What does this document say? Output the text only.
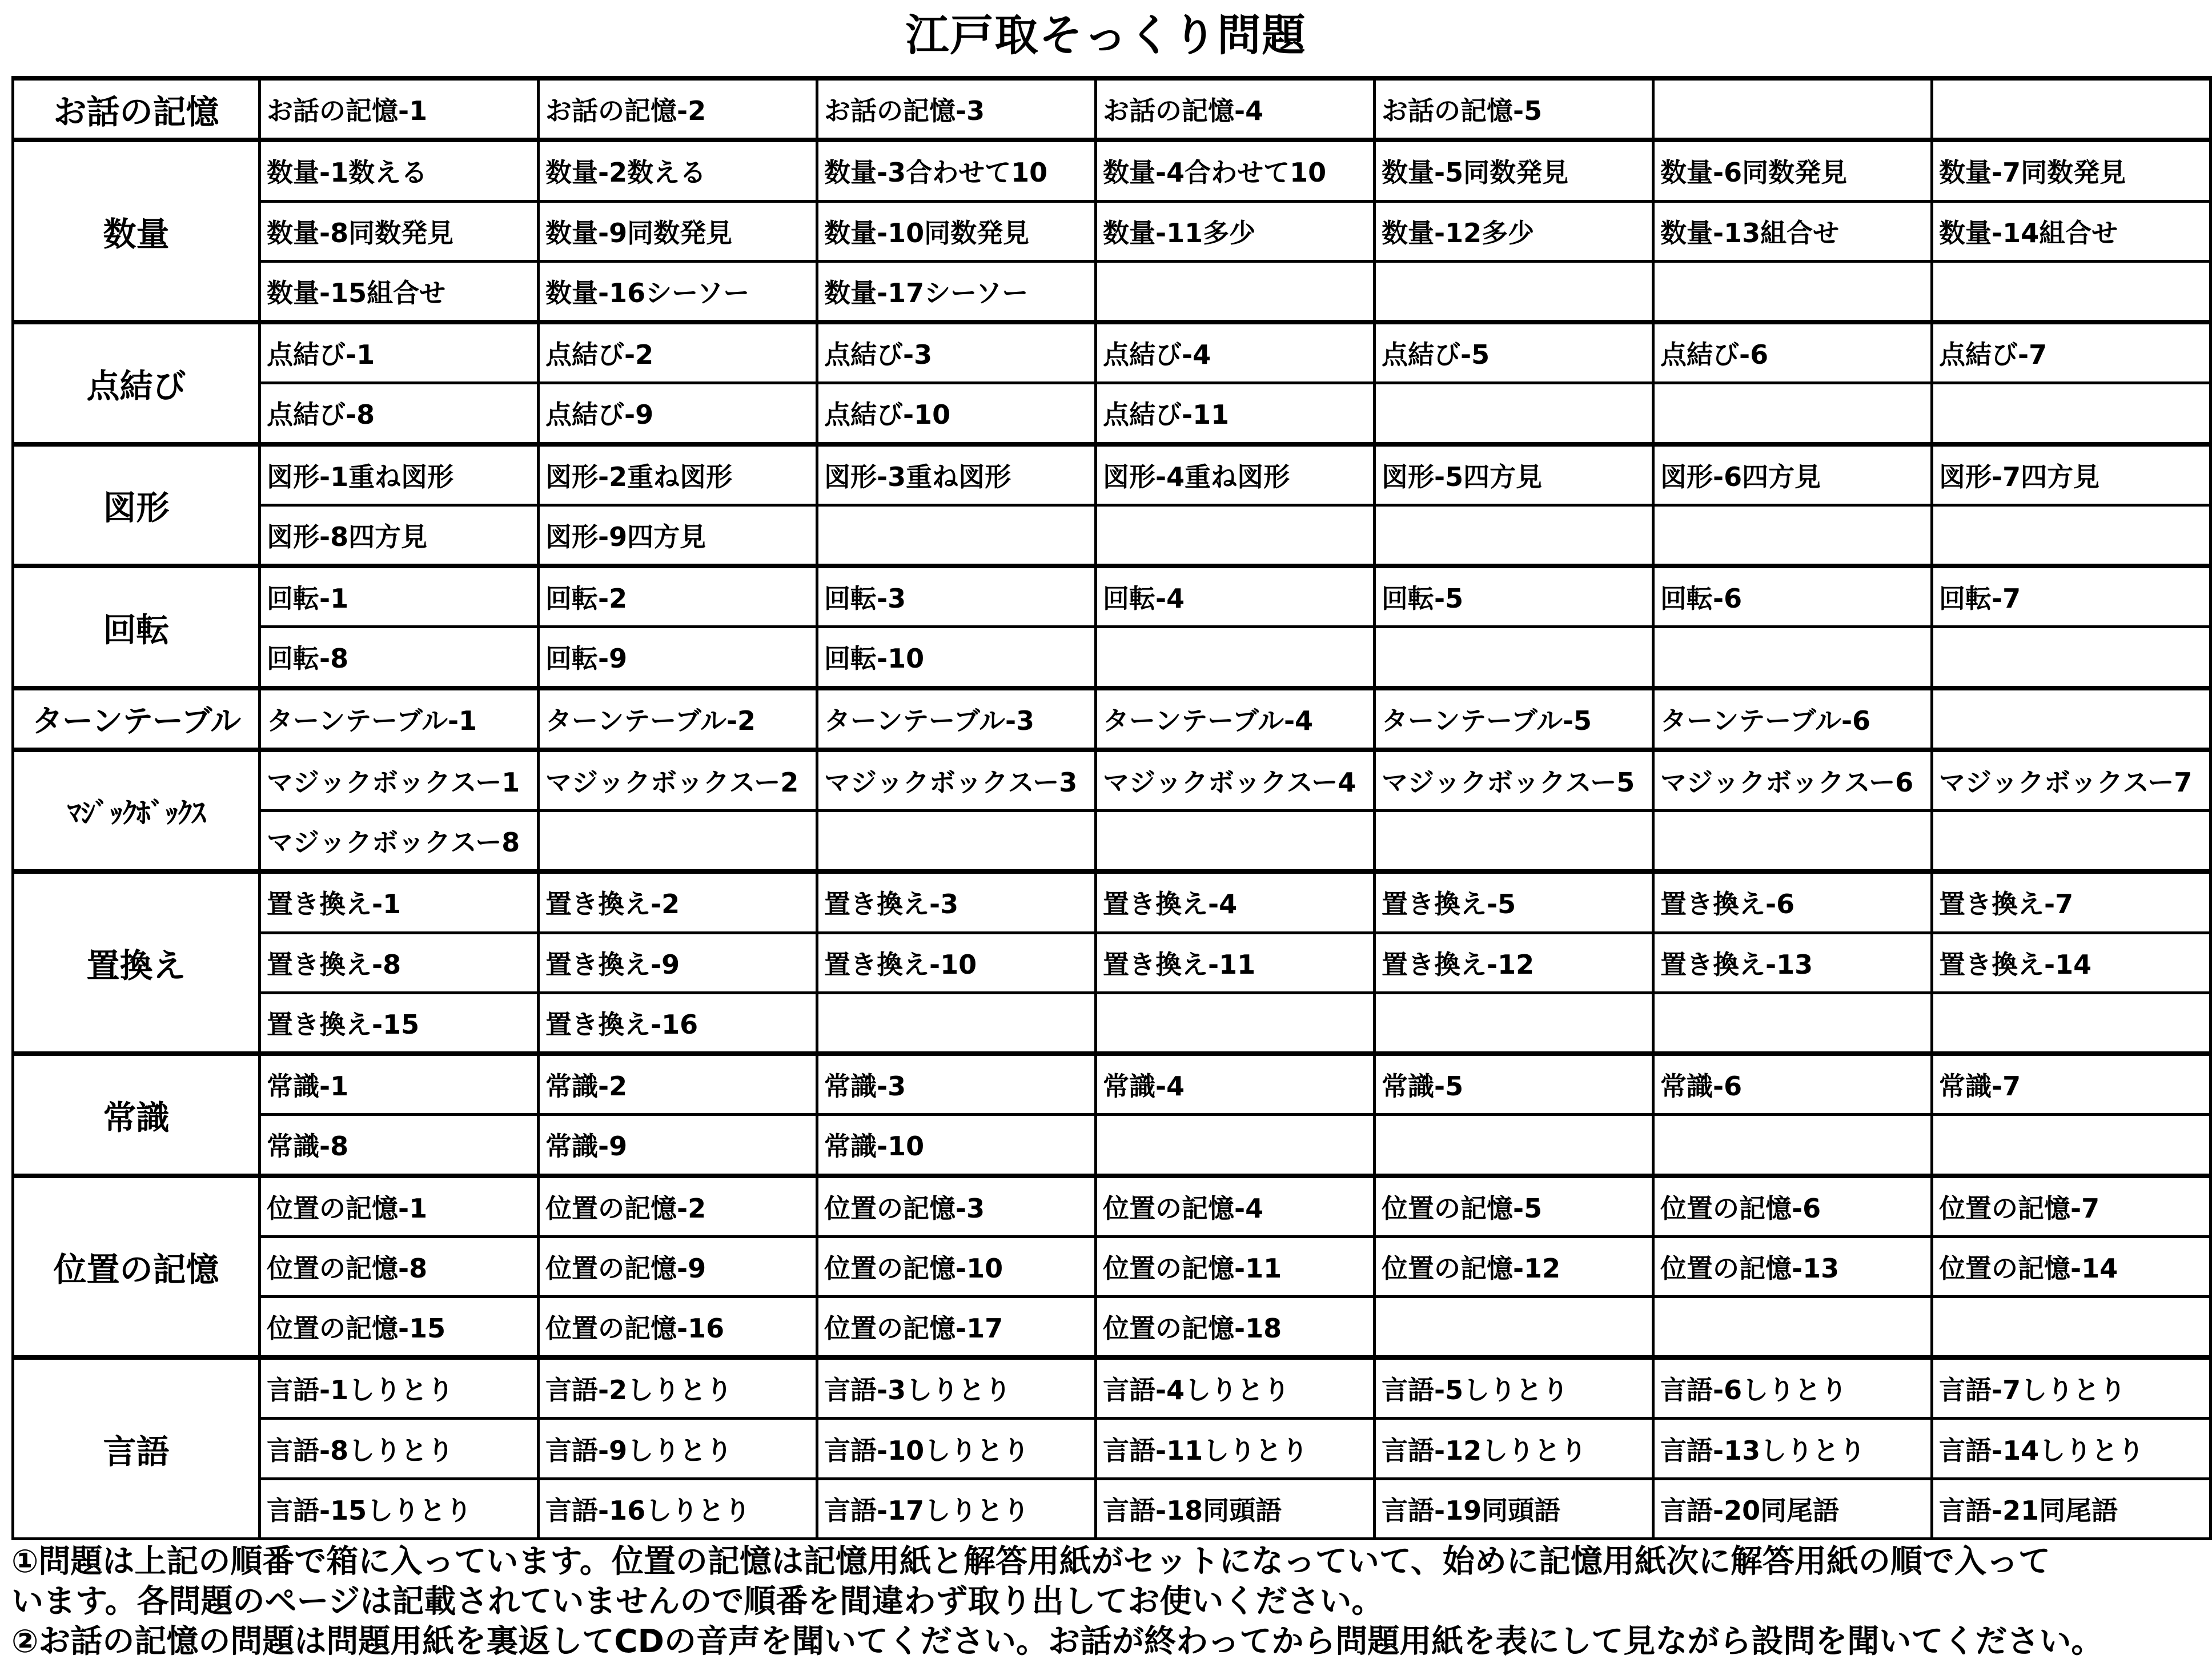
江戸取そっくり問題
お話の記憶	お話の記憶-1	お話の記憶-2	お話の記憶-3	お話の記憶-4	お話の記憶-5		
数量	数量-1数える	数量-2数える	数量-3合わせて10	数量-4合わせて10	数量-5同数発見	数量-6同数発見	数量-7同数発見
	数量-8同数発見	数量-9同数発見	数量-10同数発見	数量-11多少	数量-12多少	数量-13組合せ	数量-14組合せ
	数量-15組合せ	数量-16シーソー	数量-17シーソー				
点結び	点結び-1	点結び-2	点結び-3	点結び-4	点結び-5	点結び-6	点結び-7
	点結び-8	点結び-9	点結び-10	点結び-11			
図形	図形-1重ね図形	図形-2重ね図形	図形-3重ね図形	図形-4重ね図形	図形-5四方見	図形-6四方見	図形-7四方見
	図形-8四方見	図形-9四方見					
回転	回転-1	回転-2	回転-3	回転-4	回転-5	回転-6	回転-7
	回転-8	回転-9	回転-10				
ターンテーブル	ターンテーブル-1	ターンテーブル-2	ターンテーブル-3	ターンテーブル-4	ターンテーブル-5	ターンテーブル-6	
ﾏｼﾞｯｸﾎﾞｯｸｽ	マジックボックスー1	マジックボックスー2	マジックボックスー3	マジックボックスー4	マジックボックスー5	マジックボックスー6	マジックボックスー7
	マジックボックスー8						
置換え	置き換え-1	置き換え-2	置き換え-3	置き換え-4	置き換え-5	置き換え-6	置き換え-7
	置き換え-8	置き換え-9	置き換え-10	置き換え-11	置き換え-12	置き換え-13	置き換え-14
	置き換え-15	置き換え-16					
常識	常識-1	常識-2	常識-3	常識-4	常識-5	常識-6	常識-7
	常識-8	常識-9	常識-10				
位置の記憶	位置の記憶-1	位置の記憶-2	位置の記憶-3	位置の記憶-4	位置の記憶-5	位置の記憶-6	位置の記憶-7
	位置の記憶-8	位置の記憶-9	位置の記憶-10	位置の記憶-11	位置の記憶-12	位置の記憶-13	位置の記憶-14
	位置の記憶-15	位置の記憶-16	位置の記憶-17	位置の記憶-18			
言語	言語-1しりとり	言語-2しりとり	言語-3しりとり	言語-4しりとり	言語-5しりとり	言語-6しりとり	言語-7しりとり
	言語-8しりとり	言語-9しりとり	言語-10しりとり	言語-11しりとり	言語-12しりとり	言語-13しりとり	言語-14しりとり
	言語-15しりとり	言語-16しりとり	言語-17しりとり	言語-18同頭語	言語-19同頭語	言語-20同尾語	言語-21同尾語
①問題は上記の順番で箱に入っています。位置の記憶は記憶用紙と解答用紙がセットになっていて、始めに記憶用紙次に解答用紙の順で入って
います。各問題のページは記載されていませんので順番を間違わず取り出してお使いください。
②お話の記憶の問題は問題用紙を裏返してCDの音声を聞いてください。お話が終わってから問題用紙を表にして見ながら設問を聞いてください。
